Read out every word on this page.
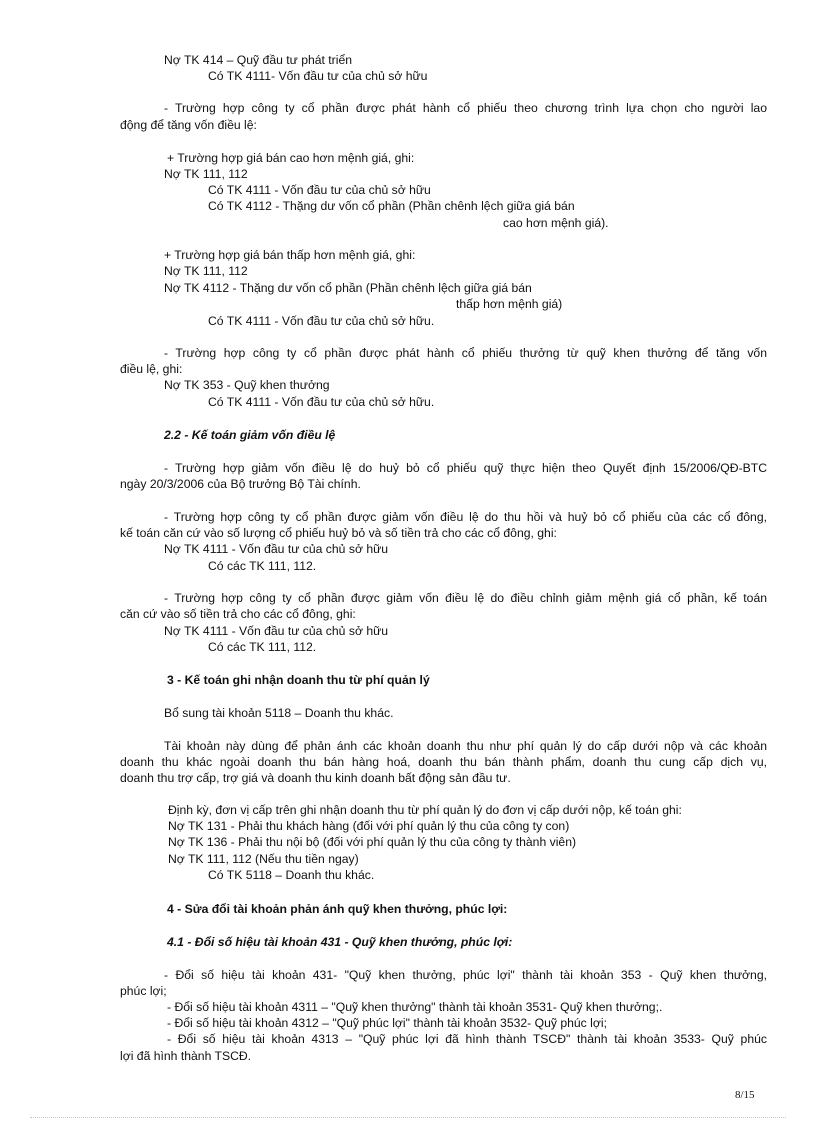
Nợ TK 414 – Quỹ đầu tư phát triển
Có TK 4111- Vốn đầu tư của chủ sở hữu
- Trường hợp công ty cổ phần được phát hành cổ phiếu theo chương trình lựa chọn cho người lao
động để tăng vốn điều lệ:
+ Trường hợp giá bán cao hơn mệnh giá, ghi:
Nợ TK 111, 112
Có TK 4111 - Vốn đầu tư của chủ sở hữu
Có TK 4112 - Thặng dư vốn cổ phần (Phần chênh lệch giữa giá bán
cao hơn mệnh giá).
+ Trường hợp giá bán thấp hơn mệnh giá, ghi:
Nợ TK 111, 112
Nợ TK 4112 - Thặng dư vốn cổ phần (Phần chênh lệch giữa giá bán
thấp hơn mệnh giá)
Có TK 4111 - Vốn đầu tư của chủ sở hữu.
- Trường hợp công ty cổ phần được phát hành cổ phiếu thưởng từ quỹ khen thưởng để tăng vốn
điều lệ, ghi:
Nợ TK 353 - Quỹ khen thưởng
Có TK 4111 - Vốn đầu tư của chủ sở hữu.
2.2 - Kế toán giảm vốn điều lệ
- Trường hợp giảm vốn điều lệ do huỷ bỏ cổ phiếu quỹ thực hiện theo Quyết định 15/2006/QĐ-BTC
ngày 20/3/2006 của Bộ trưởng Bộ Tài chính.
- Trường hợp công ty cổ phần được giảm vốn điều lệ do thu hồi và huỷ bỏ cổ phiếu của các cổ đông,
kế toán căn cứ vào số lượng cổ phiếu huỷ bỏ và số tiền trả cho các cổ đông, ghi:
Nợ TK 4111 - Vốn đầu tư của chủ sở hữu
Có các TK 111, 112.
- Trường hợp công ty cổ phần được giảm vốn điều lệ do điều chỉnh giảm mệnh giá cổ phần, kế toán
căn cứ vào số tiền trả cho các cổ đông, ghi:
Nợ TK 4111 - Vốn đầu tư của chủ sở hữu
Có các TK 111, 112.
3 - Kế toán ghi nhận doanh thu từ phí quản lý
Bổ sung tài khoản 5118 – Doanh thu khác.
Tài khoản này dùng để phản ánh các khoản doanh thu như phí quản lý do cấp dưới nộp và các khoản
doanh thu khác ngoài doanh thu bán hàng hoá, doanh thu bán thành phẩm, doanh thu cung cấp dịch vụ,
doanh thu trợ cấp, trợ giá và doanh thu kinh doanh bất động sản đầu tư.
Định kỳ, đơn vị cấp trên ghi nhận doanh thu từ phí quản lý do đơn vị cấp dưới nộp, kế toán ghi:
Nợ TK 131 - Phải thu khách hàng (đối với phí quản lý thu của công ty con)
Nợ TK 136 - Phải thu nội bộ (đối với phí quản lý thu của công ty thành viên)
Nợ TK 111, 112 (Nếu thu tiền ngay)
Có TK 5118 – Doanh thu khác.
4 - Sửa đổi tài khoản phản ánh quỹ khen thưởng, phúc lợi:
4.1 - Đổi số hiệu tài khoản 431 - Quỹ khen thưởng, phúc lợi:
- Đổi số hiệu tài khoản 431- "Quỹ khen thưởng, phúc lợi" thành tài khoản 353 - Quỹ khen thưởng,
phúc lợi;
- Đổi số hiệu tài khoản 4311 – "Quỹ khen thưởng" thành tài khoản 3531- Quỹ khen thưởng;.
- Đổi số hiệu tài khoản 4312 – "Quỹ phúc lợi" thành tài khoản 3532- Quỹ phúc lợi;
- Đổi số hiệu tài khoản 4313 – "Quỹ phúc lợi đã hình thành TSCĐ" thành tài khoản 3533- Quỹ phúc
lợi đã hình thành TSCĐ.
8/15
